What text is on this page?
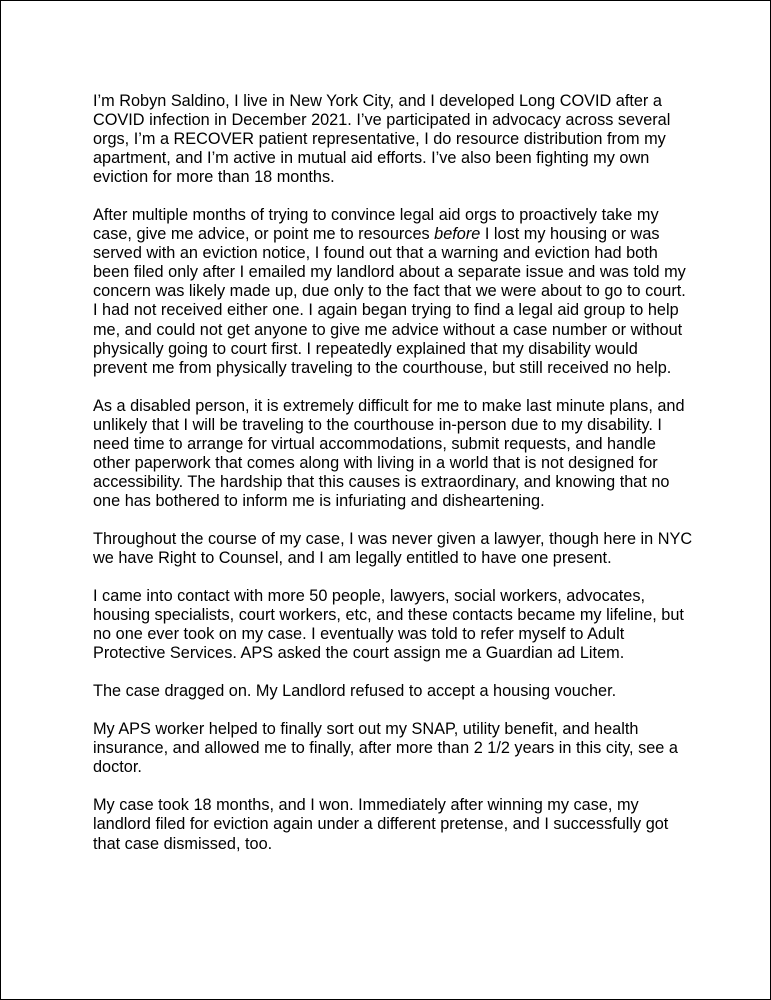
I’m Robyn Saldino, I live in New York City, and I developed Long COVID after a COVID infection in December 2021. I’ve participated in advocacy across several orgs, I’m a RECOVER patient representative, I do resource distribution from my apartment, and I’m active in mutual aid efforts. I’ve also been fighting my own eviction for more than 18 months.

After multiple months of trying to convince legal aid orgs to proactively take my case, give me advice, or point me to resources before I lost my housing or was served with an eviction notice, I found out that a warning and eviction had both been filed only after I emailed my landlord about a separate issue and was told my concern was likely made up, due only to the fact that we were about to go to court. I had not received either one. I again began trying to find a legal aid group to help me, and could not get anyone to give me advice without a case number or without physically going to court first. I repeatedly explained that my disability would prevent me from physically traveling to the courthouse, but still received no help.

As a disabled person, it is extremely difficult for me to make last minute plans, and unlikely that I will be traveling to the courthouse in-person due to my disability. I need time to arrange for virtual accommodations, submit requests, and handle other paperwork that comes along with living in a world that is not designed for accessibility. The hardship that this causes is extraordinary, and knowing that no one has bothered to inform me is infuriating and disheartening.

Throughout the course of my case, I was never given a lawyer, though here in NYC we have Right to Counsel, and I am legally entitled to have one present.

I came into contact with more 50 people, lawyers, social workers, advocates, housing specialists, court workers, etc, and these contacts became my lifeline, but no one ever took on my case. I eventually was told to refer myself to Adult Protective Services. APS asked the court assign me a Guardian ad Litem.

The case dragged on. My Landlord refused to accept a housing voucher.

My APS worker helped to finally sort out my SNAP, utility benefit, and health insurance, and allowed me to finally, after more than 2 1/2 years in this city, see a doctor.

My case took 18 months, and I won. Immediately after winning my case, my landlord filed for eviction again under a different pretense, and I successfully got that case dismissed, too.
